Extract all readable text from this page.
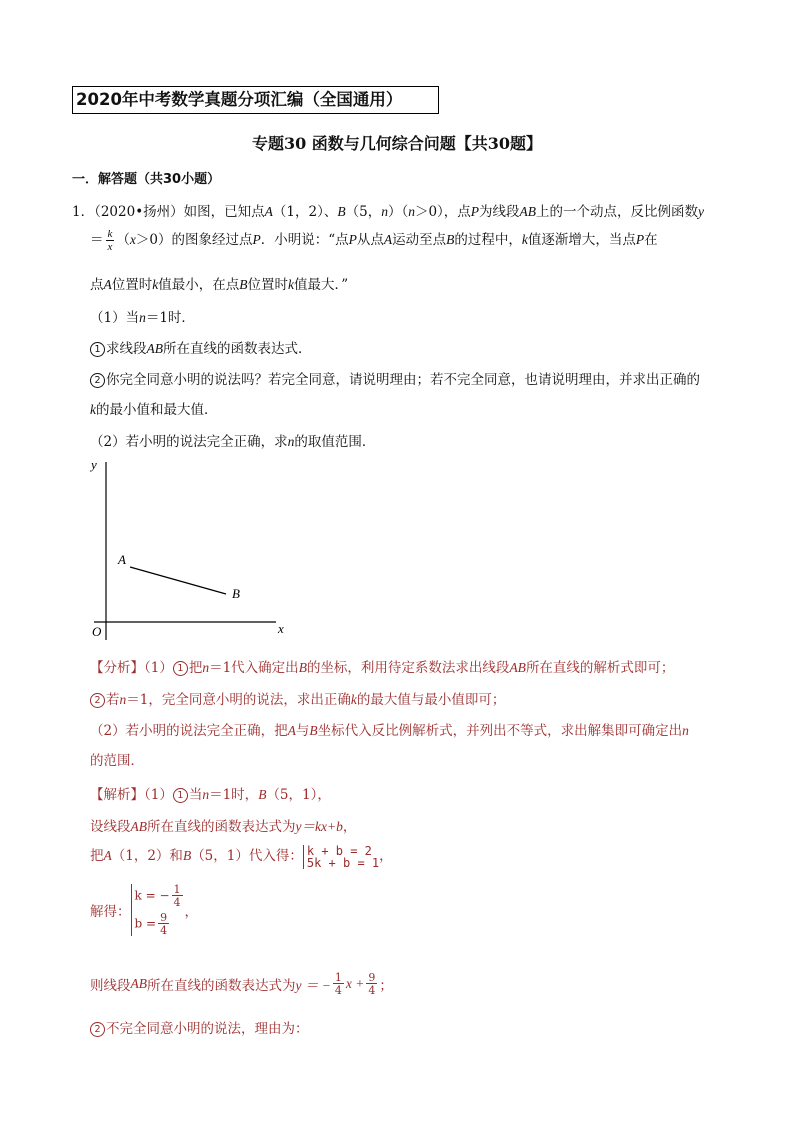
2020年中考数学真题分项汇编（全国通用）
专题30 函数与几何综合问题【共30题】
一．解答题（共30小题）
1．（2020•扬州）如图，已知点A（1，2）、B（5，n）（n＞0），点P为线段AB上的一个动点，反比例函数y
＝ $\frac{k}{x} (x>0)$的图象经过点P．小明说：“点P从点A运动至点B的过程中，k值逐渐增大，当点P在
点A位置时k值最小，在点B位置时k值最大．”
（1）当n＝1时．
1 求线段AB所在直线的函数表达式．
2 你完全同意小明的说法吗？若完全同意，请说明理由；若不完全同意，也请说明理由，并求出正确的
k的最小值和最大值．
（2）若小明的说法完全正确，求n的取值范围．
y
x
O
A
B
【分析】（1） 1 把n＝1代入确定出B的坐标，利用待定系数法求出线段AB所在直线的解析式即可；
2 若n＝1，完全同意小明的说法，求出正确k的最大值与最小值即可；
（2）若小明的说法完全正确，把A与B坐标代入反比例解析式，并列出不等式，求出解集即可确定出n
的范围．
【解析】（1） 1 当n＝1时，B（5，1），
设线段AB所在直线的函数表达式为y＝kx+b，
把A（1，2）和B（5，1）代入得： k + b = 2
5k + b = 1 ，
解得：
k = − $\frac{1}{4}$
$b = \frac{9}{4}$ ，
则线段AB所在直线的函数表达式为y ＝ − $\frac{1}{4}$ $x + \frac{9}{4}$ ；
2 不完全同意小明的说法，理由为：
